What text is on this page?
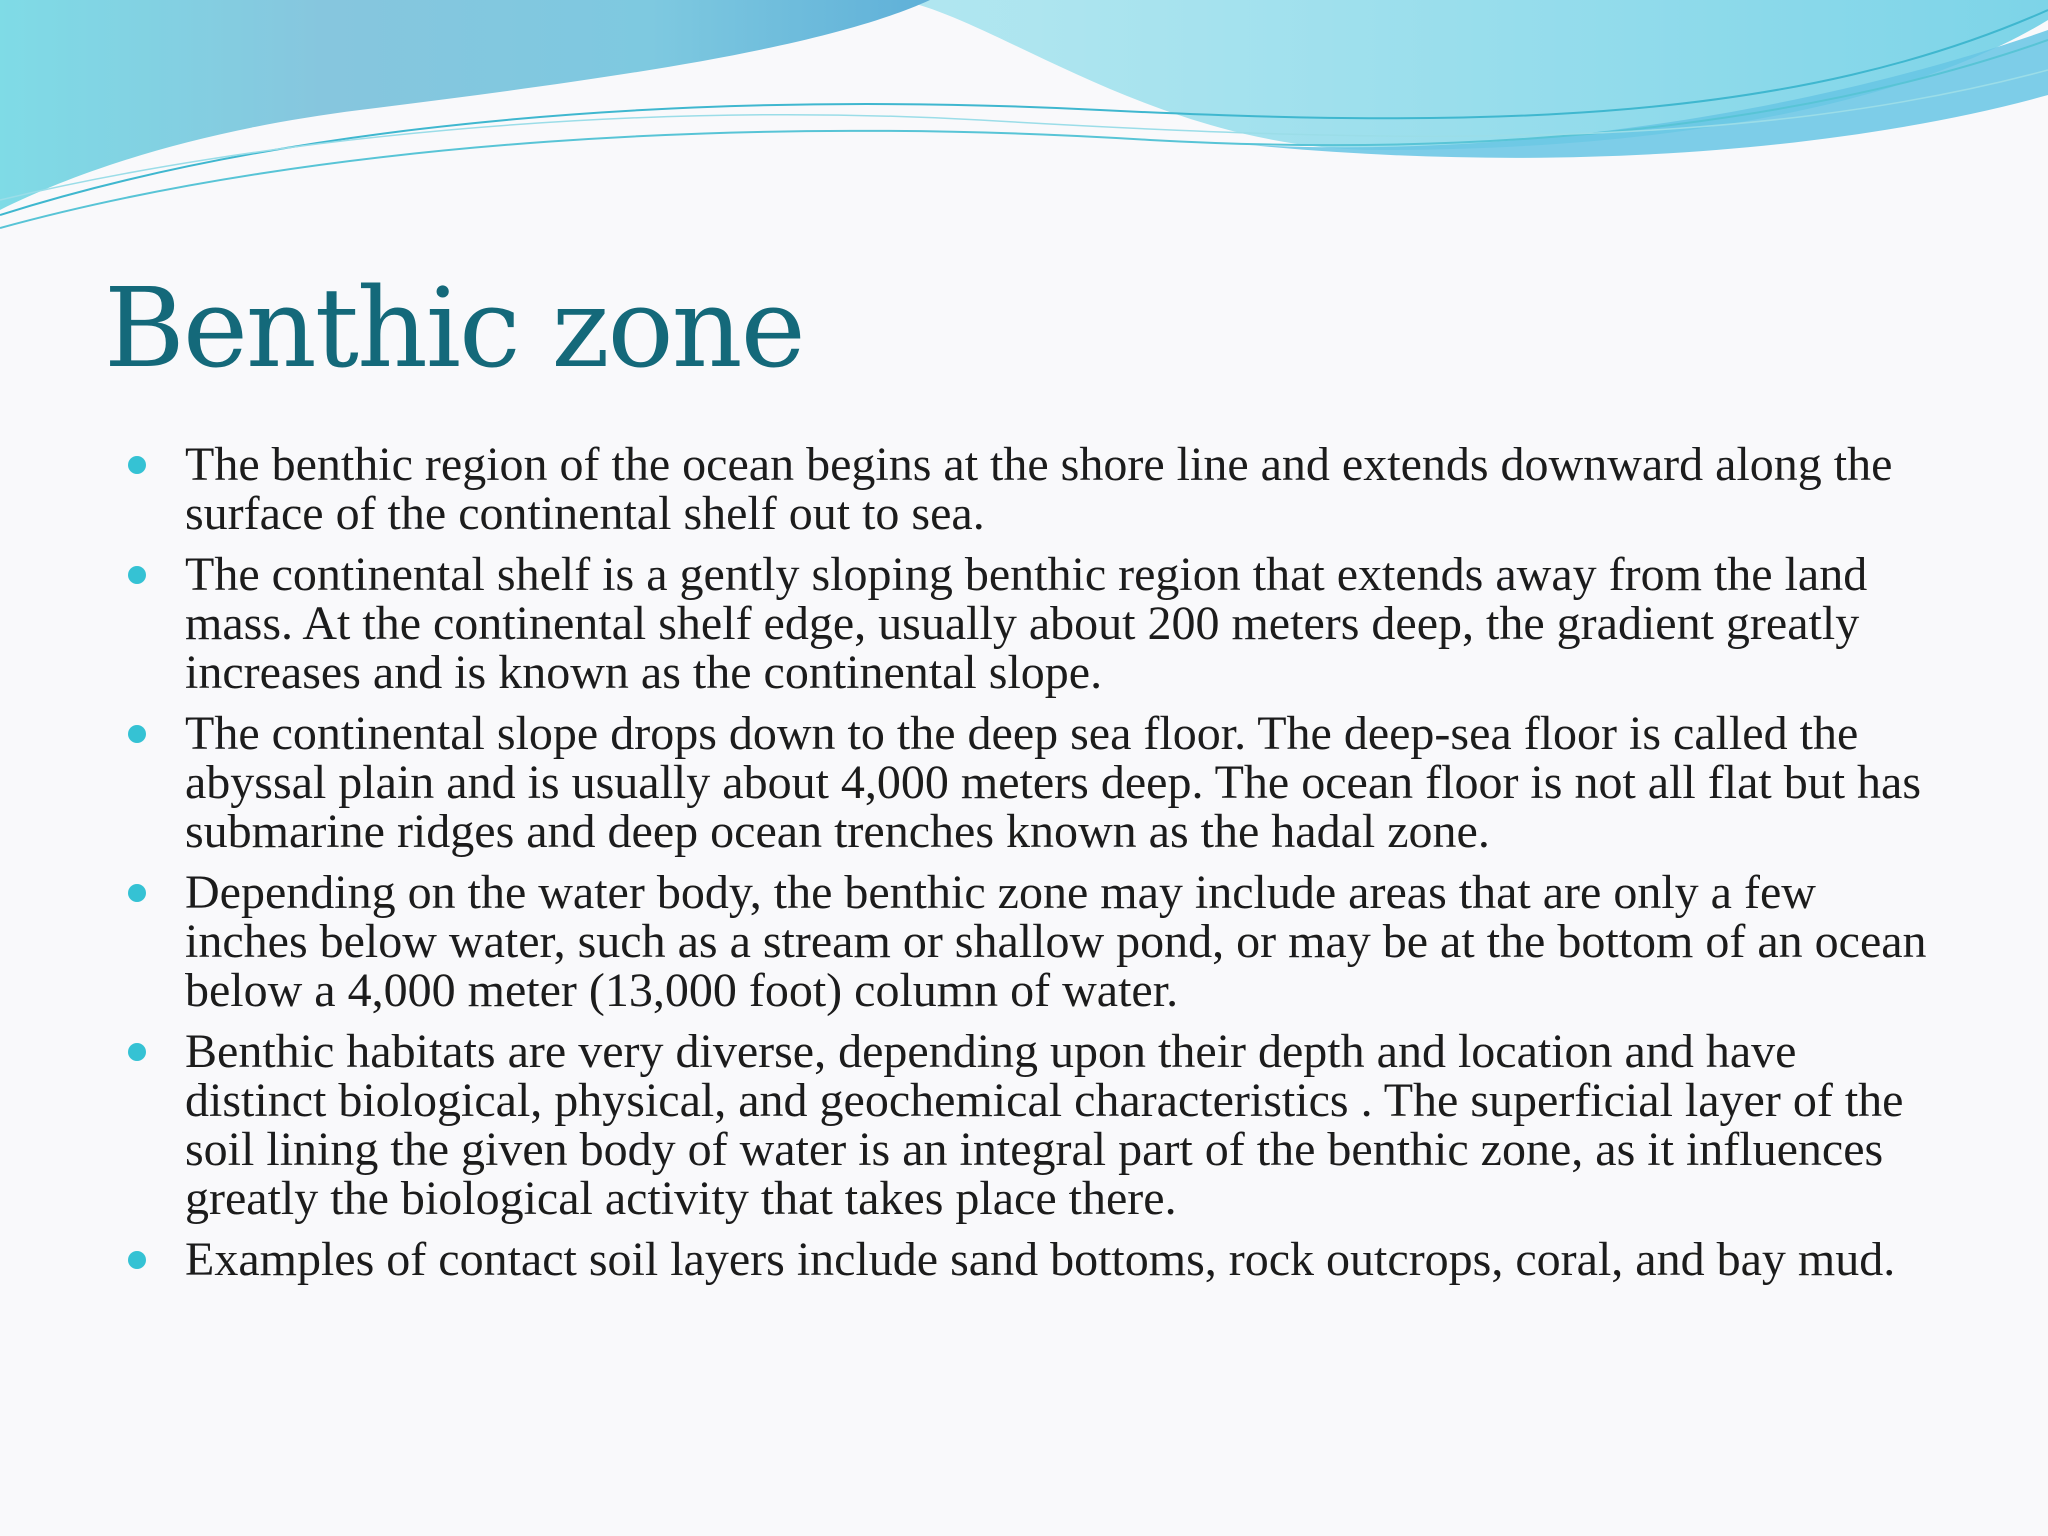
Benthic zone
The benthic region of the ocean begins at the shore line and extends downward along the surface of the continental shelf out to sea.
The continental shelf is a gently sloping benthic region that extends away from the land mass. At the continental shelf edge, usually about 200 meters deep, the gradient greatly increases and is known as the continental slope.
The continental slope drops down to the deep sea floor. The deep-sea floor is called the abyssal plain and is usually about 4,000 meters deep. The ocean floor is not all flat but has submarine ridges and deep ocean trenches known as the hadal zone.
Depending on the water body, the benthic zone may include areas that are only a few inches below water, such as a stream or shallow pond, or may be at the bottom of an ocean below a 4,000 meter (13,000 foot) column of water.
Benthic habitats are very diverse, depending upon their depth and location and have distinct biological, physical, and geochemical characteristics . The superficial layer of the soil lining the given body of water is an integral part of the benthic zone, as it influences greatly the biological activity that takes place there.
Examples of contact soil layers include sand bottoms, rock outcrops, coral, and bay mud.
